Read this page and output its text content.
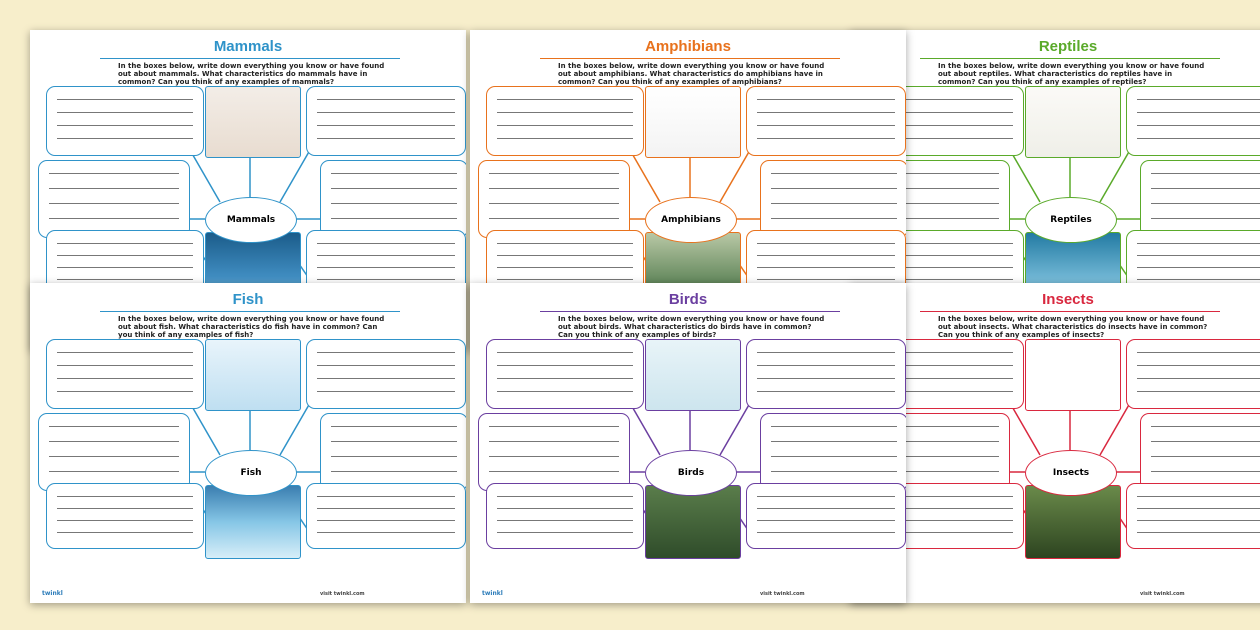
Mammals
In the boxes below, write down everything you know or have found out about mammals. What characteristics do mammals have in common? Can you think of any examples of mammals?
Mammals
Amphibians
In the boxes below, write down everything you know or have found out about amphibians. What characteristics do amphibians have in common? Can you think of any examples of amphibians?
Amphibians
Reptiles
In the boxes below, write down everything you know or have found out about reptiles. What characteristics do reptiles have in common? Can you think of any examples of reptiles?
Reptiles
Fish
In the boxes below, write down everything you know or have found out about fish. What characteristics do fish have in common? Can you think of any examples of fish?
Fish
twinkl	visit twinkl.com
Birds
In the boxes below, write down everything you know or have found out about birds. What characteristics do birds have in common? Can you think of any examples of birds?
Birds
twinkl	visit twinkl.com
Insects
In the boxes below, write down everything you know or have found out about insects. What characteristics do insects have in common? Can you think of any examples of insects?
Insects
visit twinkl.com
